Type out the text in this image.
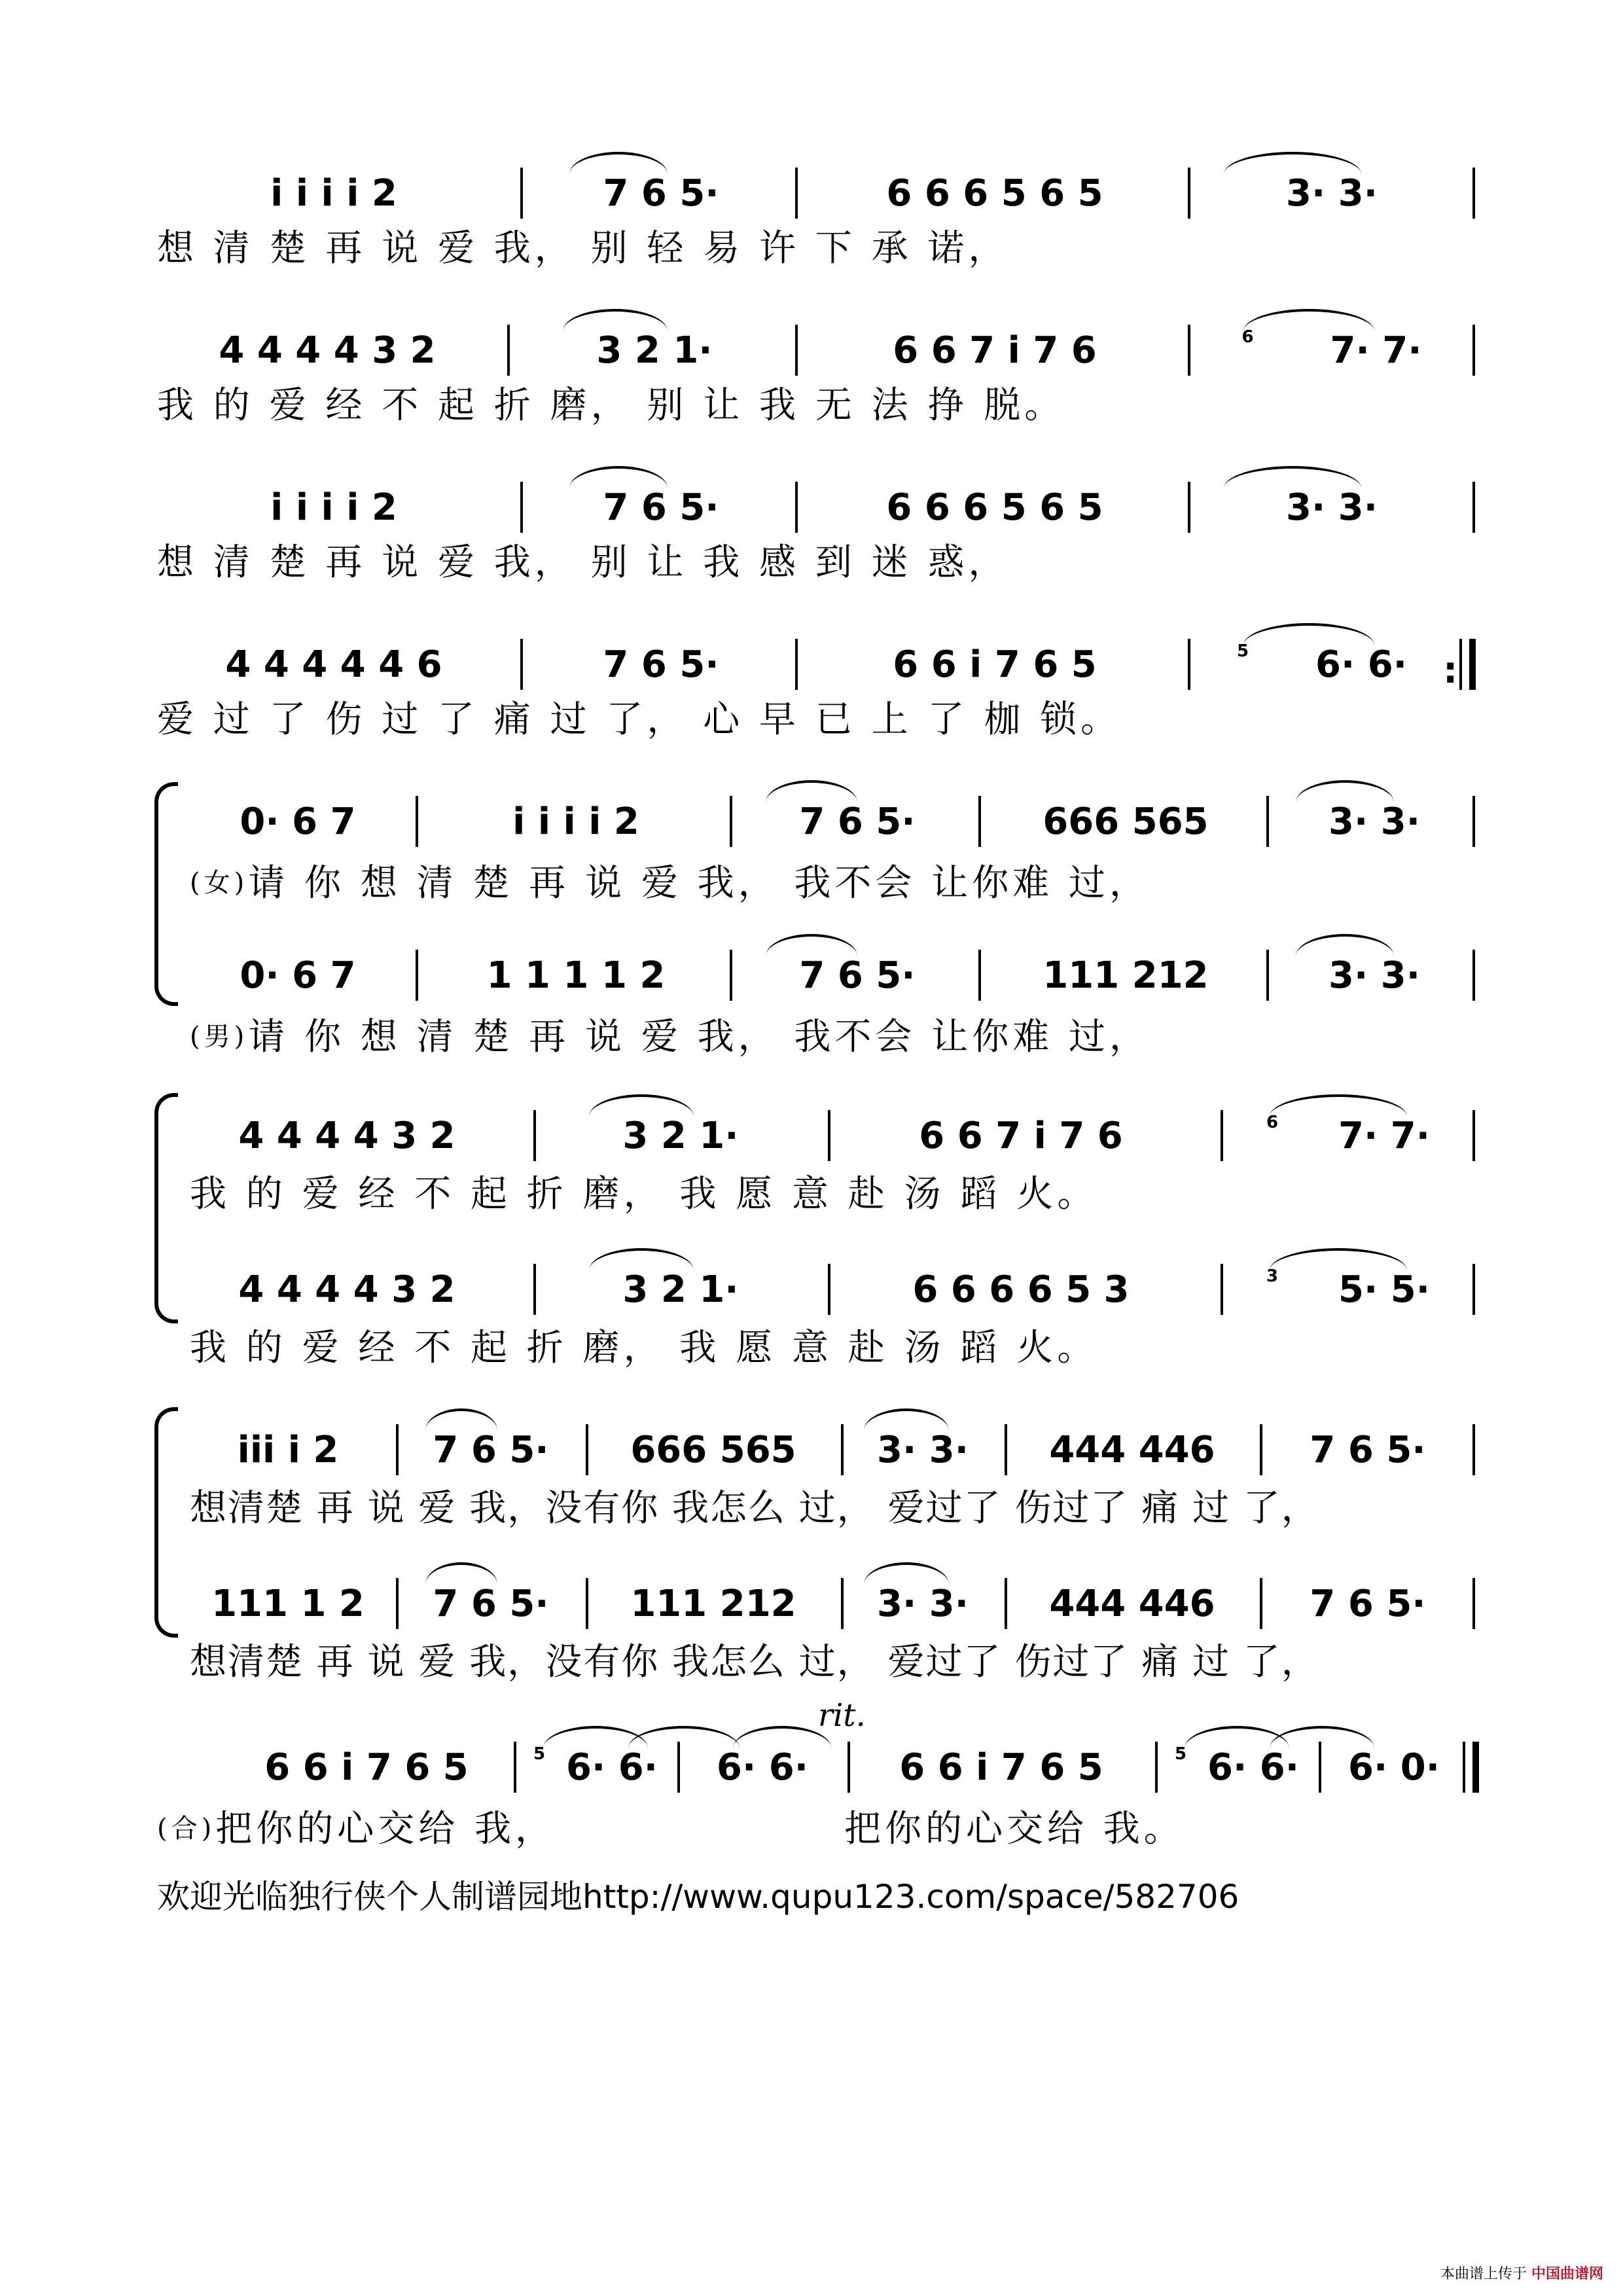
i i i i 2	7 6 5·	6 6 6 5 6 5	3· 3·
想 清 楚 再 说 爱 我， 别 轻 易 许 下 承 诺，
4 4 4 4 3 2	3 2 1·	6 6 7 i 7 6	6 7· 7·
我 的 爱 经 不 起 折 磨， 别 让 我 无 法 挣 脱。
i i i i 2	7 6 5·	6 6 6 5 6 5	3· 3·
想 清 楚 再 说 爱 我， 别 让 我 感 到 迷 惑，
4 4 4 4 4 6	7 6 5·	6 6 i 7 6 5	5 6· 6· :
爱 过 了 伤 过 了 痛 过 了， 心 早 已 上 了 枷 锁。
0· 6 7	i i i i 2	7 6 5·	666 565	3· 3·
(女) 请 你 想 清 楚 再 说 爱 我， 我不会 让你难 过，
0· 6 7	1 1 1 1 2	7 6 5·	111 212	3· 3·
(男) 请 你 想 清 楚 再 说 爱 我， 我不会 让你难 过，
4 4 4 4 3 2	3 2 1·	6 6 7 i 7 6	6 7· 7·
我 的 爱 经 不 起 折 磨， 我 愿 意 赴 汤 蹈 火。
4 4 4 4 3 2	3 2 1·	6 6 6 6 5 3	3 5· 5·
我 的 爱 经 不 起 折 磨， 我 愿 意 赴 汤 蹈 火。
iii i 2	7 6 5·	666 565	3· 3·	444 446	7 6 5·
想清楚 再 说 爱 我，没有你 我怎么 过， 爱过了 伤过了 痛 过 了，
111 1 2	7 6 5·	111 212	3· 3·	444 446	7 6 5·
想清楚 再 说 爱 我，没有你 我怎么 过， 爱过了 伤过了 痛 过 了，
rit.
6 6 i 7 6 5	5 6· 6·	6· 6·	6 6 i 7 6 5	5 6· 6·	6· 0·
(合) 把你的心交给 我，	把你的心交给 我。
欢迎光临独行侠个人制谱园地http://www.qupu123.com/space/582706
本曲谱上传于 中国曲谱网
